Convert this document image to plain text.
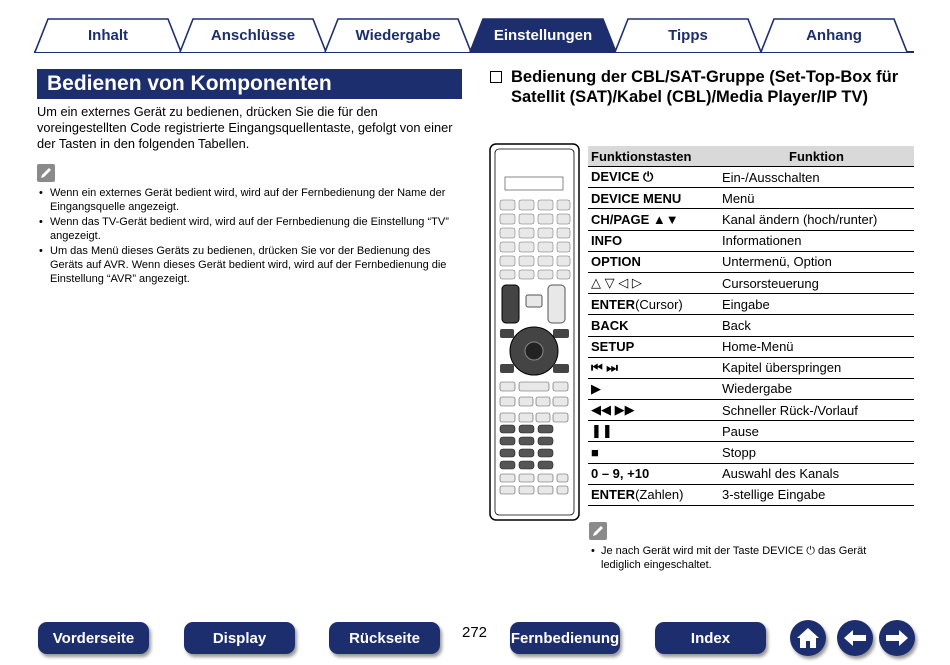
Inhalt	Anschlüsse	Wiedergabe	Einstellungen	Tipps	Anhang
Bedienen von Komponenten
Um ein externes Gerät zu bedienen, drücken Sie die für den voreingestellten Code registrierte Eingangsquellentaste, gefolgt von einer der Tasten in den folgenden Tabellen.
• Wenn ein externes Gerät bedient wird, wird auf der Fernbedienung der Name der Eingangsquelle angezeigt.
• Wenn das TV-Gerät bedient wird, wird auf der Fernbedienung die Einstellung “TV” angezeigt.
• Um das Menü dieses Geräts zu bedienen, drücken Sie vor der Bedienung des Geräts auf AVR. Wenn dieses Gerät bedient wird, wird auf der Fernbedienung die Einstellung “AVR” angezeigt.
Bedienung der CBL/SAT-Gruppe (Set-Top-Box für Satellit (SAT)/Kabel (CBL)/Media Player/IP TV)
Funktionstasten	Funktion
DEVICE ⏻	Ein-/Ausschalten
DEVICE MENU	Menü
CH/PAGE ▲▼	Kanal ändern (hoch/runter)
INFO	Informationen
OPTION	Untermenü, Option
△ ▽ ◁ ▷	Cursorsteuerung
ENTER(Cursor)	Eingabe
BACK	Back
SETUP	Home-Menü
⏮ ⏭	Kapitel überspringen
▶	Wiedergabe
◀◀ ▶▶	Schneller Rück-/Vorlauf
❚❚	Pause
■	Stopp
0 – 9, +10	Auswahl des Kanals
ENTER(Zahlen)	3-stellige Eingabe
• Je nach Gerät wird mit der Taste DEVICE ⏻ das Gerät lediglich eingeschaltet.
Vorderseite	Display	Rückseite	272 Fernbedienung	Index
